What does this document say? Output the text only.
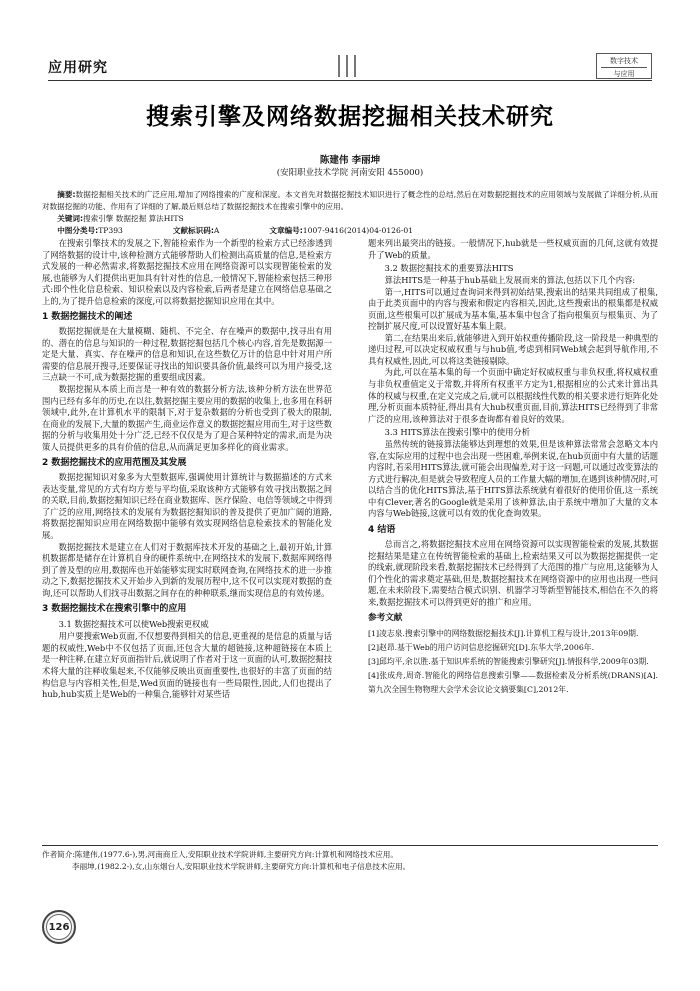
应用研究	数字技术
与应用
搜索引擎及网络数据挖掘相关技术研究
陈建伟 李丽坤
(安阳职业技术学院 河南安阳 455000)

摘要:数据挖掘相关技术的广泛应用,增加了网络搜索的广度和深度。本文首先对数据挖掘技术知识进行了概念性的总结,然后在对数据挖掘技术的应用领域与发展做了详细分析,从而对数据挖掘的功能、作用有了详细的了解,最后则总结了数据挖掘技术在搜索引擎中的应用。

关键词: 搜索引擎 数据挖掘 算法HITS
中图分类号:TP393	文献标识码:A	文章编号:1007-9416(2014)04-0126-01

在搜索引擎技术的发展之下,智能检索作为一个新型的检索方式已经渗透到了网络数据的设计中,该种检测方式能够帮助人们检测出高质量的信息,是检索方式发展的一种必然需求,将数据挖掘技术应用在网络资源可以实现智能检索的发展,也能够为人们提供出更加具有针对性的信息,一般情况下,智能检索包括三种形式:即个性化信息检索、知识检索以及内容检索,后两者是建立在网络信息基础之上的,为了提升信息检索的深度,可以将数据挖掘知识应用在其中。

1 数据挖掘技术的阐述

数据挖掘就是在大量模糊、随机、不完全、存在噪声的数据中,找寻出有用的、潜在的信息与知识的一种过程,数据挖掘包括几个核心内容,首先是数据源一定是大量、真实、存在噪声的信息和知识,在这些数亿万计的信息中针对用户所需要的信息展开搜寻,还要保证寻找出的知识要具备价值,最终可以为用户接受,这三点缺一不可,成为数据挖掘的重要组成因素。

数据挖掘从本质上而言是一种有效的数据分析方法,该种分析方法在世界范围内已经有多年的历史,在以往,数据挖掘主要应用的数据的收集上,也多用在科研领域中,此外,在计算机水平的限制下,对于复杂数据的分析也受到了极大的限制,在商业的发展下,大量的数据产生,商业运作意义的数据挖掘应用而生,对于这些数据的分析与收集用处十分广泛,已经不仅仅是为了迎合某种特定的需求,而是为决策人员提供更多的具有价值的信息,从而满足更加多样化的商业需求。

2 数据挖掘技术的应用范围及其发展

数据挖掘知识对象多为大型数据库,强调使用计算统计与数据描述的方式来表达变量,常见的方式有均方差与平均值,采取该种方式能够有效寻找出数据之间的关联,目前,数据挖掘知识已经在商业数据库、医疗保险、电信等领域之中得到了广泛的应用,网络技术的发展有为数据挖掘知识的普及提供了更加广阔的道路,将数据挖掘知识应用在网络数据中能够有效实现网络信息检索技术的智能化发展。

数据挖掘技术是建立在人们对于数据库技术开发的基础之上,最初开始,计算机数据都是储存在计算机自身的硬件系统中,在网络技术的发展下,数据库网络得到了普及型的应用,数据库也开始能够实现实时联网查询,在网络技术的进一步推动之下,数据挖掘技术又开始步入到新的发展历程中,这不仅可以实现对数据的查询,还可以帮助人们找寻出数据之间存在的种种联系,继而实现信息的有效传递。

3 数据挖掘技术在搜索引擎中的应用
3.1 数据挖掘技术可以使Web搜索更权威

用户要搜索Web页面,不仅想要得到相关的信息,更重视的是信息的质量与话题的权威性,Web中不仅包括了页面,还包含大量的超链接,这种超链接在本质上是一种注释,在建立好页面指针后,就说明了作者对于这一页面的认可,数据挖掘技术将大量的注释收集起来,不仅能够反映出页面重要性,也很好的丰富了页面的结构信息与内容相关性,但是,Wed页面的链接也有一些局限性,因此,人们也提出了hub,hub实质上是Web的一种集合,能够针对某些话

题来列出最突出的链接。一般情况下,hub就是一些权威页面的几何,这就有效提升了Web的质量。

3.2 数据挖掘技术的重要算法HITS

算法HITS是一种基于hub基础上发展而来的算法,包括以下几个内容:

第一,HITS可以通过查询词来得到初始结果,搜索出的结果共同组成了根集,由于此类页面中的内容与搜索和假定内容相关,因此,这些搜索出的根集都是权威页面,这些根集可以扩展成为基本集,基本集中包含了指向根集页与根集页、为了控制扩展尺度,可以设置好基本集上限。

第二,在结果出来后,就能够进入到开始权重传播阶段,这一阶段是一种典型的递归过程,可以决定权威权重与与hub值,考虑到相同Web域会起到导航作用,不具有权威性,因此,可以将这类链接剔除。

为此,可以在基本集的每一个页面中确定好权威权重与非负权重,将权威权重与非负权重值定义于常数,并将所有权重平方定为1,根据相应的公式来计算出具体的权威与权重,在定义完成之后,就可以根据线性代数的相关要求进行矩阵化处理,分析页面本质特征,得出具有大hub权重页面,目前,算法HITS已经得到了非常广泛的应用,该种算法对于很多查询都有着良好的效果。

3.3 HITS算法在搜索引擎中的使用分析

虽然传统的链接算法能够达到理想的效果,但是该种算法常常会忽略文本内容,在实际应用的过程中也会出现一些困难,举例来说,在hub页面中有大量的话题内容时,若采用HITS算法,就可能会出现偏差,对于这一问题,可以通过改变算法的方式进行解决,但是就会导致程度人员的工作量大幅的增加,在遇到该种情况时,可以结合当的优化HITS算法,基于HITS算法系统就有着很好的使用价值,这一系统中有Clever,著名的Google就是采用了该种算法,由于系统中增加了大量的文本内容与Web链接,这就可以有效的优化查询效果。

4 结语

总而言之,将数据挖掘技术应用在网络资源可以实现智能检索的发展,其数据挖掘结果是建立在传统智能检索的基础上,检索结果又可以为数据挖掘提供一定的线索,就现阶段来看,数据挖掘技术已经得到了大范围的推广与应用,这能够为人们个性化的需求奠定基础,但是,数据挖掘技术在网络资源中的应用也出现一些问题,在未来阶段下,需要结合模式识别、机器学习等新型智能技术,相信在不久的将来,数据挖掘技术可以得到更好的推广和应用。

参考文献

[1]凌志泉.搜索引擎中的网络数据挖掘技术[J].计算机工程与设计,2013年09期.

[2]赵昂.基于Web的用户访问信息挖掘研究[D].东华大学,2006年.

[3]邱均平,余以胜.基于知识库系统的智能搜索引擎研究[J].情报科学,2009年03期.

[4]张成舟,周奇.智能化的网络信息搜索引擎——数据检索及分析系统(DRANS)[A].第九次全国生物物理大会学术会议论文摘要集[C],2012年.

作者简介:陈建伟,(1977.6-),男,河南商丘人,安阳职业技术学院讲师,主要研究方向:计算机和网络技术应用。

李丽坤,(1982.2-),女,山东烟台人,安阳职业技术学院讲师,主要研究方向:计算机和电子信息技术应用。

126
